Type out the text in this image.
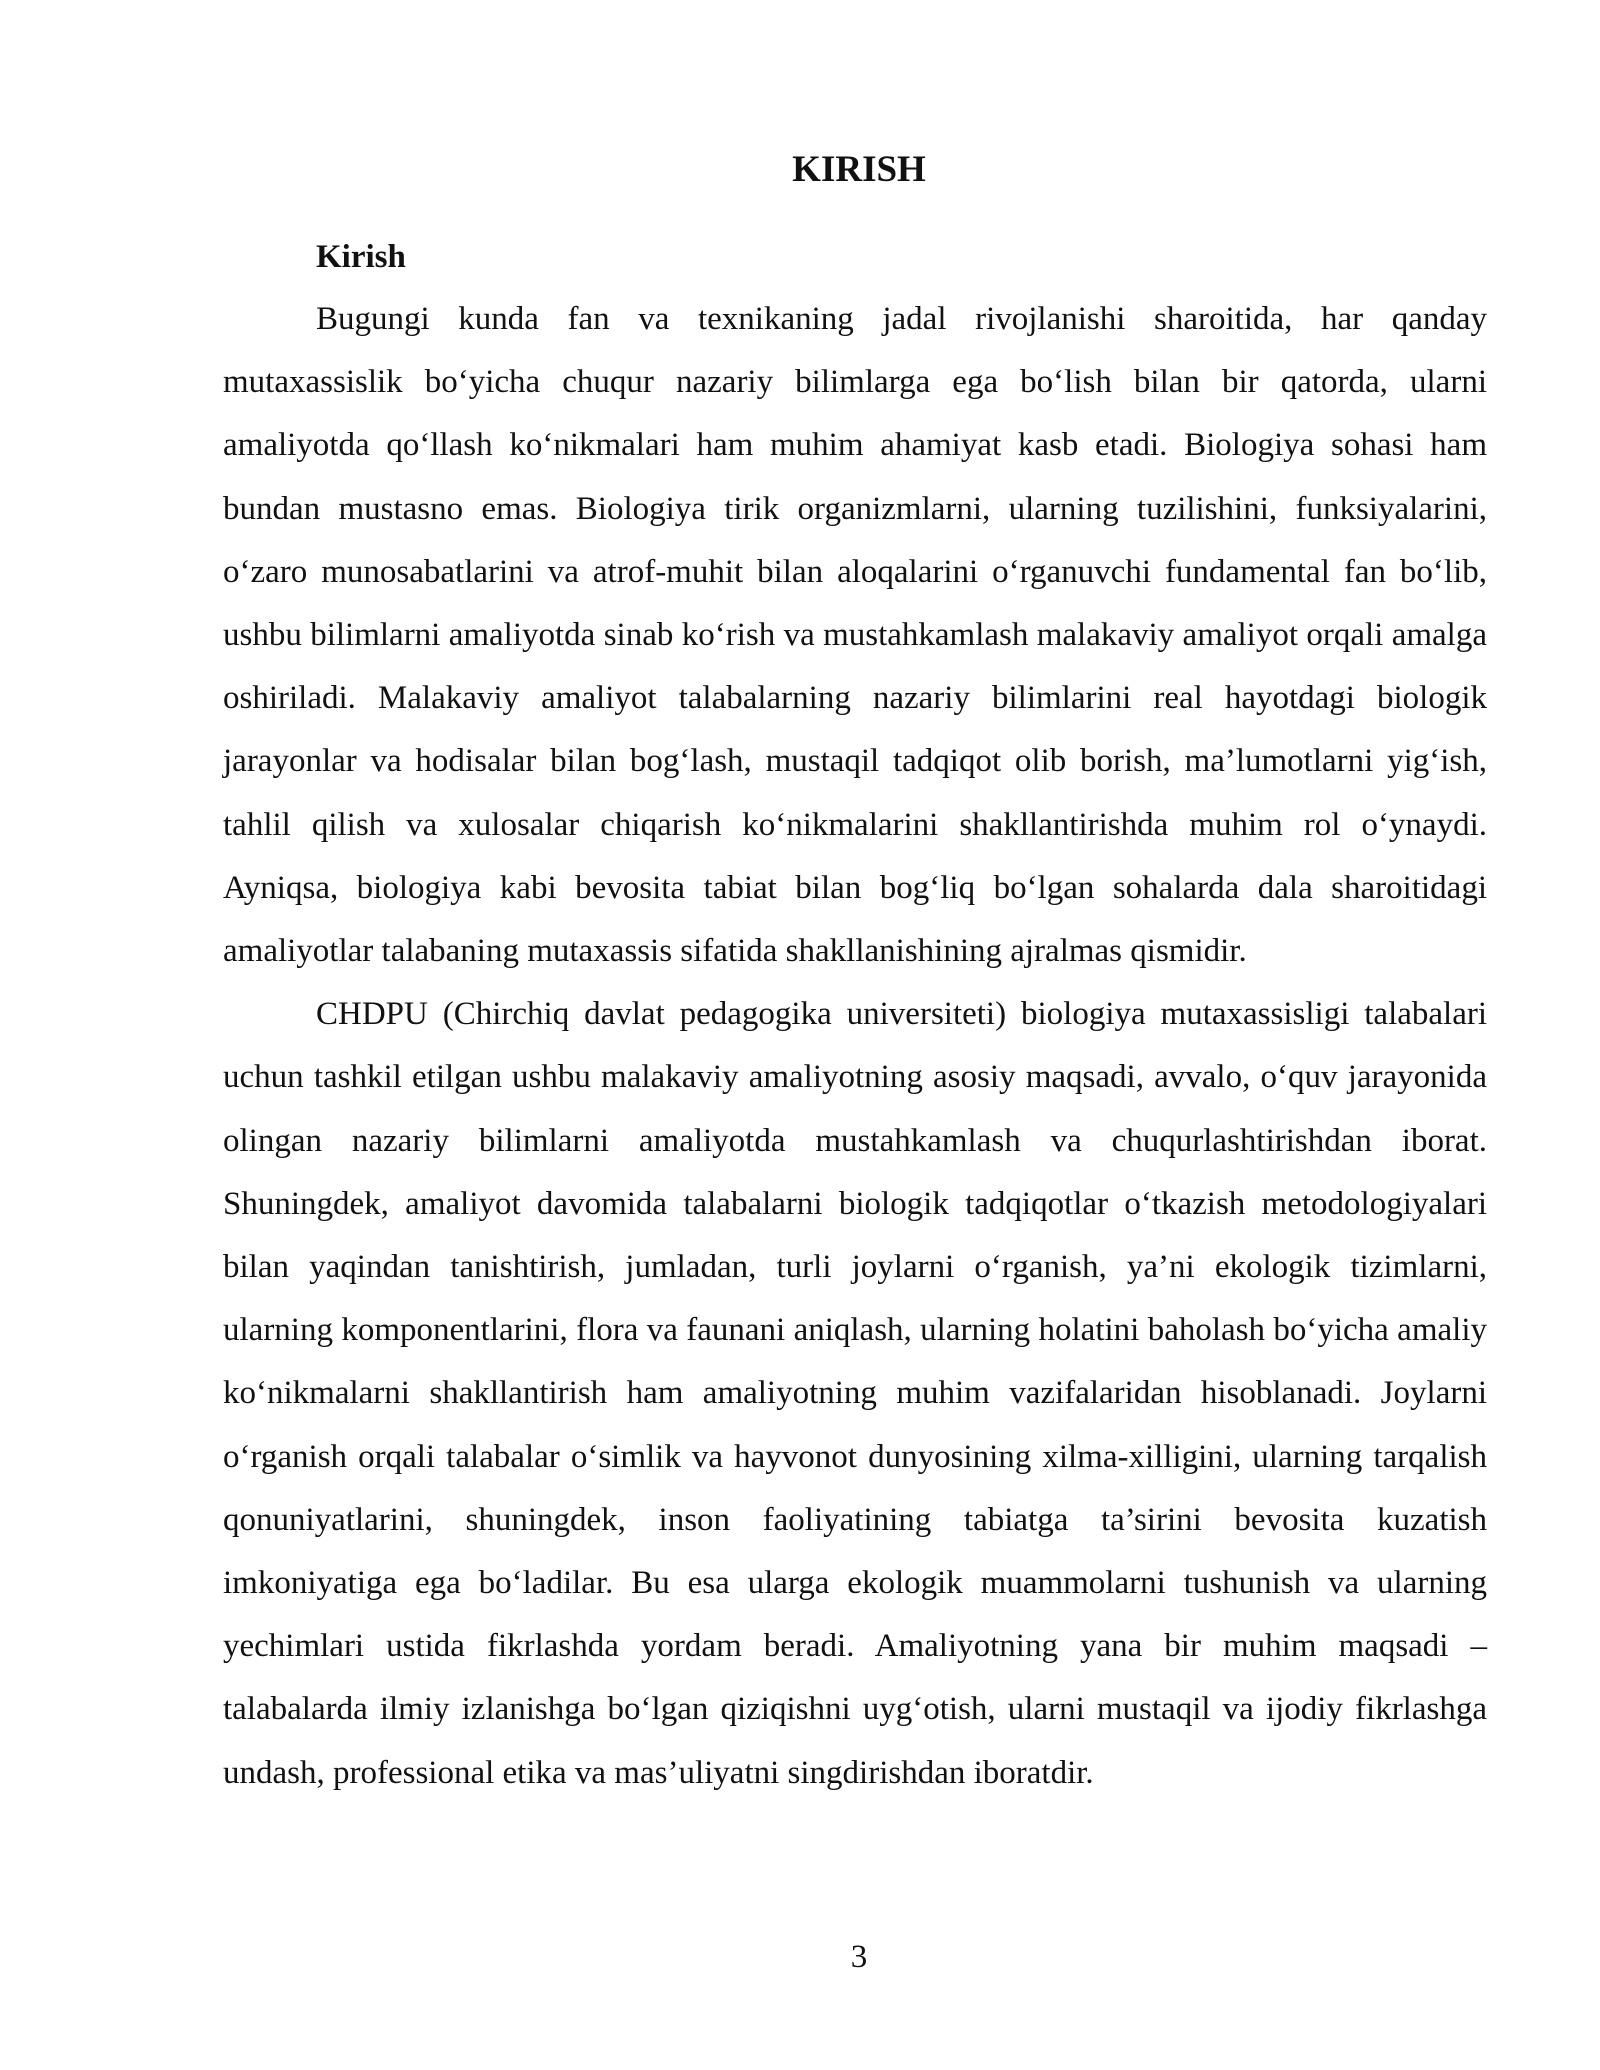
KIRISH
Kirish

Bugungi kunda fan va texnikaning jadal rivojlanishi sharoitida, har qanday mutaxassislik bo‘yicha chuqur nazariy bilimlarga ega bo‘lish bilan bir qatorda, ularni amaliyotda qo‘llash ko‘nikmalari ham muhim ahamiyat kasb etadi. Biologiya sohasi ham bundan mustasno emas. Biologiya tirik organizmlarni, ularning tuzilishini, funksiyalarini, o‘zaro munosabatlarini va atrof-muhit bilan aloqalarini o‘rganuvchi fundamental fan bo‘lib, ushbu bilimlarni amaliyotda sinab ko‘rish va mustahkamlash malakaviy amaliyot orqali amalga oshiriladi. Malakaviy amaliyot talabalarning nazariy bilimlarini real hayotdagi biologik jarayonlar va hodisalar bilan bog‘lash, mustaqil tadqiqot olib borish, ma’lumotlarni yig‘ish, tahlil qilish va xulosalar chiqarish ko‘nikmalarini shakllantirishda muhim rol o‘ynaydi. Ayniqsa, biologiya kabi bevosita tabiat bilan bog‘liq bo‘lgan sohalarda dala sharoitidagi amaliyotlar talabaning mutaxassis sifatida shakllanishining ajralmas qismidir.

CHDPU (Chirchiq davlat pedagogika universiteti) biologiya mutaxassisligi talabalari uchun tashkil etilgan ushbu malakaviy amaliyotning asosiy maqsadi, avvalo, o‘quv jarayonida olingan nazariy bilimlarni amaliyotda mustahkamlash va chuqurlashtirishdan iborat. Shuningdek, amaliyot davomida talabalarni biologik tadqiqotlar o‘tkazish metodologiyalari bilan yaqindan tanishtirish, jumladan, turli joylarni o‘rganish, ya’ni ekologik tizimlarni, ularning komponentlarini, flora va faunani aniqlash, ularning holatini baholash bo‘yicha amaliy ko‘nikmalarni shakllantirish ham amaliyotning muhim vazifalaridan hisoblanadi. Joylarni o‘rganish orqali talabalar o‘simlik va hayvonot dunyosining xilma-xilligini, ularning tarqalish qonuniyatlarini, shuningdek, inson faoliyatining tabiatga ta’sirini bevosita kuzatish imkoniyatiga ega bo‘ladilar. Bu esa ularga ekologik muammolarni tushunish va ularning yechimlari ustida fikrlashda yordam beradi. Amaliyotning yana bir muhim maqsadi – talabalarda ilmiy izlanishga bo‘lgan qiziqishni uyg‘otish, ularni mustaqil va ijodiy fikrlashga undash, professional etika va mas’uliyatni singdirishdan iboratdir.

3
